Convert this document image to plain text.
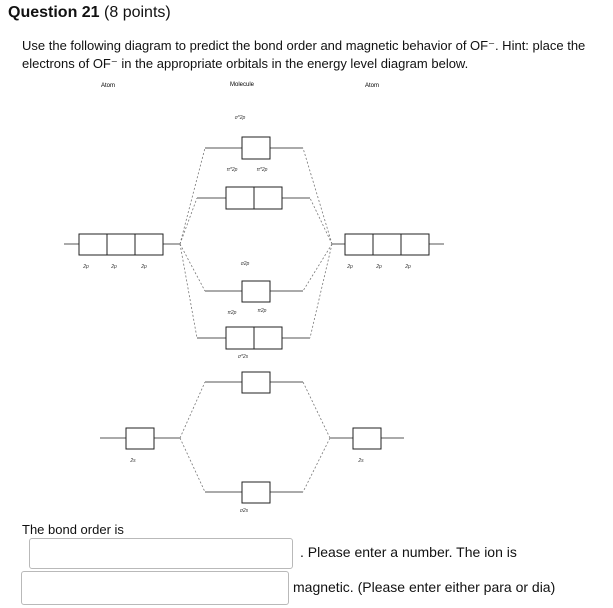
Question 21 (8 points)
Use the following diagram to predict the bond order and magnetic behavior of OF⁻. Hint: place the
electrons of OF⁻ in the appropriate orbitals in the energy level diagram below.
Atom	Molecule	Atom
σ*2p
π*2p	π*2p
σ2p
π2p	π2p
σ*2s
σ2s
2p	2p	2p	2p	2p	2p
2s	2s
The bond order is
. Please enter a number. The ion is
magnetic. (Please enter either para or dia)
